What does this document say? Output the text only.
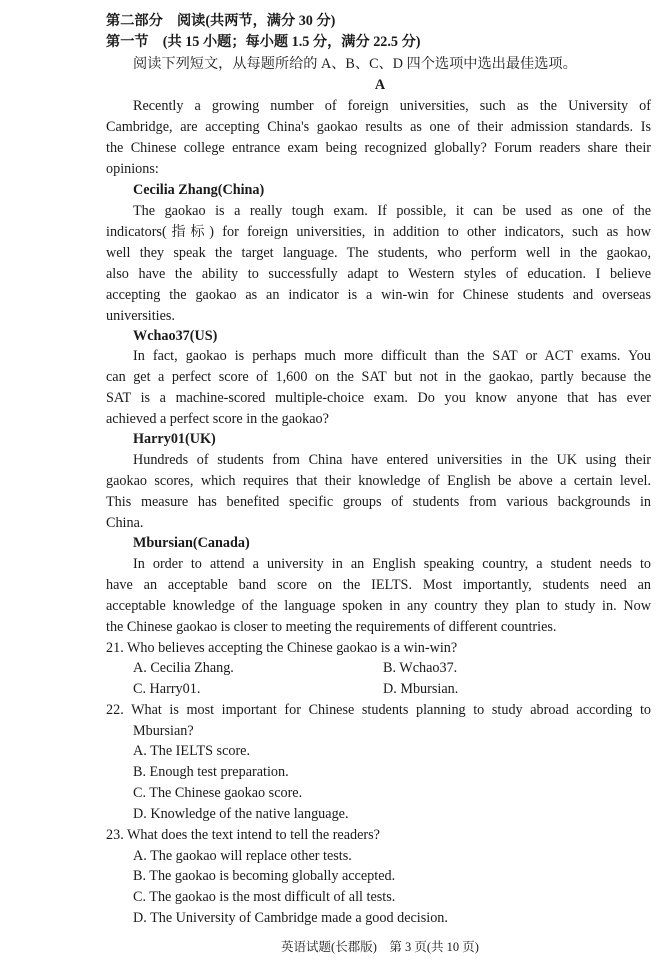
第二部分　阅读(共两节，满分 30 分)
第一节　(共 15 小题；每小题 1.5 分，满分 22.5 分)
阅读下列短文，从每题所给的 A、B、C、D 四个选项中选出最佳选项。
A
Recently a growing number of foreign universities, such as the University of
Cambridge, are accepting China's gaokao results as one of their admission standards. Is
the Chinese college entrance exam being recognized globally? Forum readers share their
opinions:
Cecilia Zhang(China)
The gaokao is a really tough exam. If possible, it can be used as one of the
indicators(指标) for foreign universities, in addition to other indicators, such as how
well they speak the target language. The students, who perform well in the gaokao,
also have the ability to successfully adapt to Western styles of education. I believe
accepting the gaokao as an indicator is a win-win for Chinese students and overseas
universities.
Wchao37(US)
In fact, gaokao is perhaps much more difficult than the SAT or ACT exams. You
can get a perfect score of 1,600 on the SAT but not in the gaokao, partly because the
SAT is a machine-scored multiple-choice exam. Do you know anyone that has ever
achieved a perfect score in the gaokao?
Harry01(UK)
Hundreds of students from China have entered universities in the UK using their
gaokao scores, which requires that their knowledge of English be above a certain level.
This measure has benefited specific groups of students from various backgrounds in
China.
Mbursian(Canada)
In order to attend a university in an English speaking country, a student needs to
have an acceptable band score on the IELTS. Most importantly, students need an
acceptable knowledge of the language spoken in any country they plan to study in. Now
the Chinese gaokao is closer to meeting the requirements of different countries.
21. Who believes accepting the Chinese gaokao is a win-win?
A. Cecilia Zhang.	B. Wchao37.
C. Harry01.	D. Mbursian.
22. What is most important for Chinese students planning to study abroad according to
Mbursian?
A. The IELTS score.
B. Enough test preparation.
C. The Chinese gaokao score.
D. Knowledge of the native language.
23. What does the text intend to tell the readers?
A. The gaokao will replace other tests.
B. The gaokao is becoming globally accepted.
C. The gaokao is the most difficult of all tests.
D. The University of Cambridge made a good decision.
英语试题(长郡版)　第 3 页(共 10 页)
